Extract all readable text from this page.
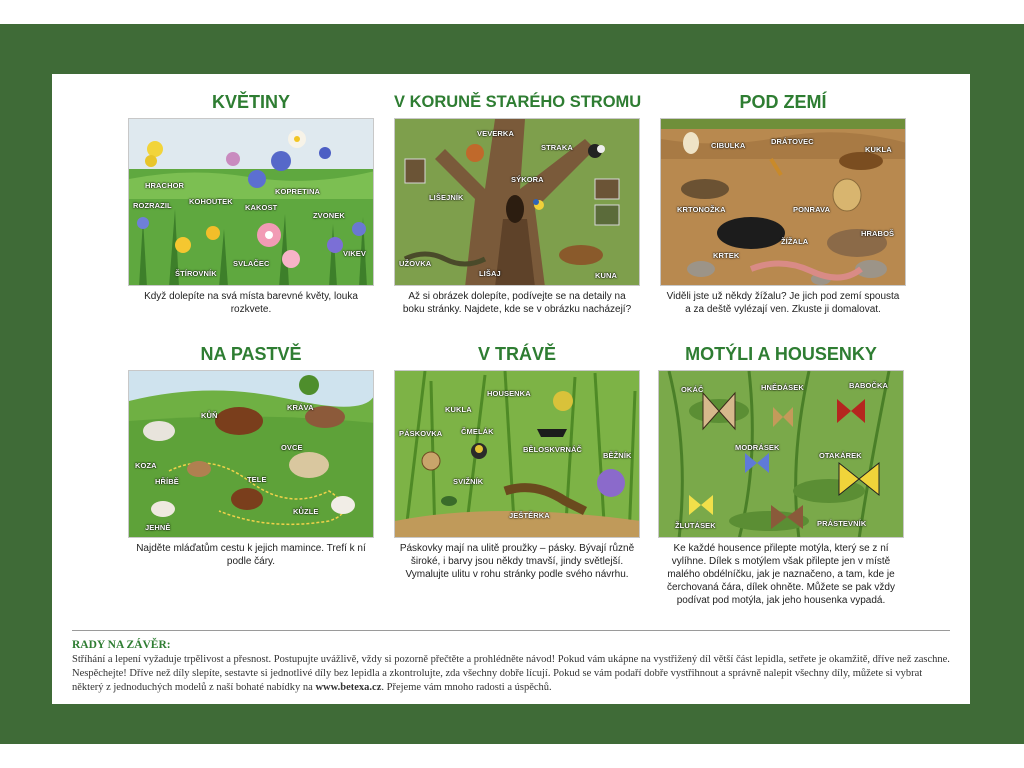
KVĚTINY
HRACHOR
ROZRAZIL KOHOUTEK
KAKOST
KOPRETINA
ZVONEK
VIKEV
ŠTÍROVNÍK
SVLAČEC
Když dolepíte na svá místa barevné květy, louka rozkvete.
V KORUNĚ STARÉHO STROMU
VEVERKA
STRAKA
SÝKORA
LIŠEJNÍK
UŽOVKA
LIŠAJ	KUNA
Až si obrázek dolepíte, podívejte se na detaily na boku stránky. Najdete, kde se v obrázku nacházejí?
POD ZEMÍ
CIBULKA	DRÁTOVEC
KUKLA
KRTONOŽKA	PONRAVA
HRABOŠ
ŽÍŽALA
KRTEK
Viděli jste už někdy žížalu? Je jich pod zemí spousta a za deště vylézají ven. Zkuste ji domalovat.
NA PASTVĚ
KŮŇ
KRÁVA
KOZA
OVCE
HŘÍBĚ	TELE
KŮZLE
JEHNĚ
Najděte mláďatům cestu k jejich mamince. Trefí k ní podle čáry.
V TRÁVĚ
HOUSENKA
KUKLA
PÁSKOVKA ČMELÁK
BĚLOSKVRNÁČ
BĚŽNÍK
SVIŽNÍK
JEŠTĚRKA
Páskovky mají na ulitě proužky – pásky. Bývají různě široké, i barvy jsou někdy tmavší, jindy světlejší. Vymalujte ulitu v rohu stránky podle svého návrhu.
MOTÝLI A HOUSENKY
OKÁČ	HNĚDÁSEK	BABOČKA
MODRÁSEK
OTAKÁREK
ŽLUTÁSEK	PRÁSTEVNÍK
Ke každé housence přilepte motýla, který se z ní vylíhne. Dílek s motýlem však přilepte jen v místě malého obdélníčku, jak je naznačeno, a tam, kde je čerchovaná čára, dílek ohněte. Můžete se pak vždy podívat pod motýla, jak jeho housenka vypadá.
RADY NA ZÁVĚR:
Stříhání a lepení vyžaduje trpělivost a přesnost. Postupujte uvážlivě, vždy si pozorně přečtěte a prohlédněte návod! Pokud vám ukápne na vystřižený díl větší část lepidla, setřete je okamžitě, dříve než zaschne. Nespěchejte! Dříve než díly slepíte, sestavte si jednotlivé díly bez lepidla a zkontrolujte, zda všechny dobře lícují. Pokud se vám podaří dobře vystřihnout a správně nalepit všechny díly, můžete si vybrat některý z jednoduchých modelů z naší bohaté nabídky na www.betexa.cz. Přejeme vám mnoho radosti a úspěchů.
